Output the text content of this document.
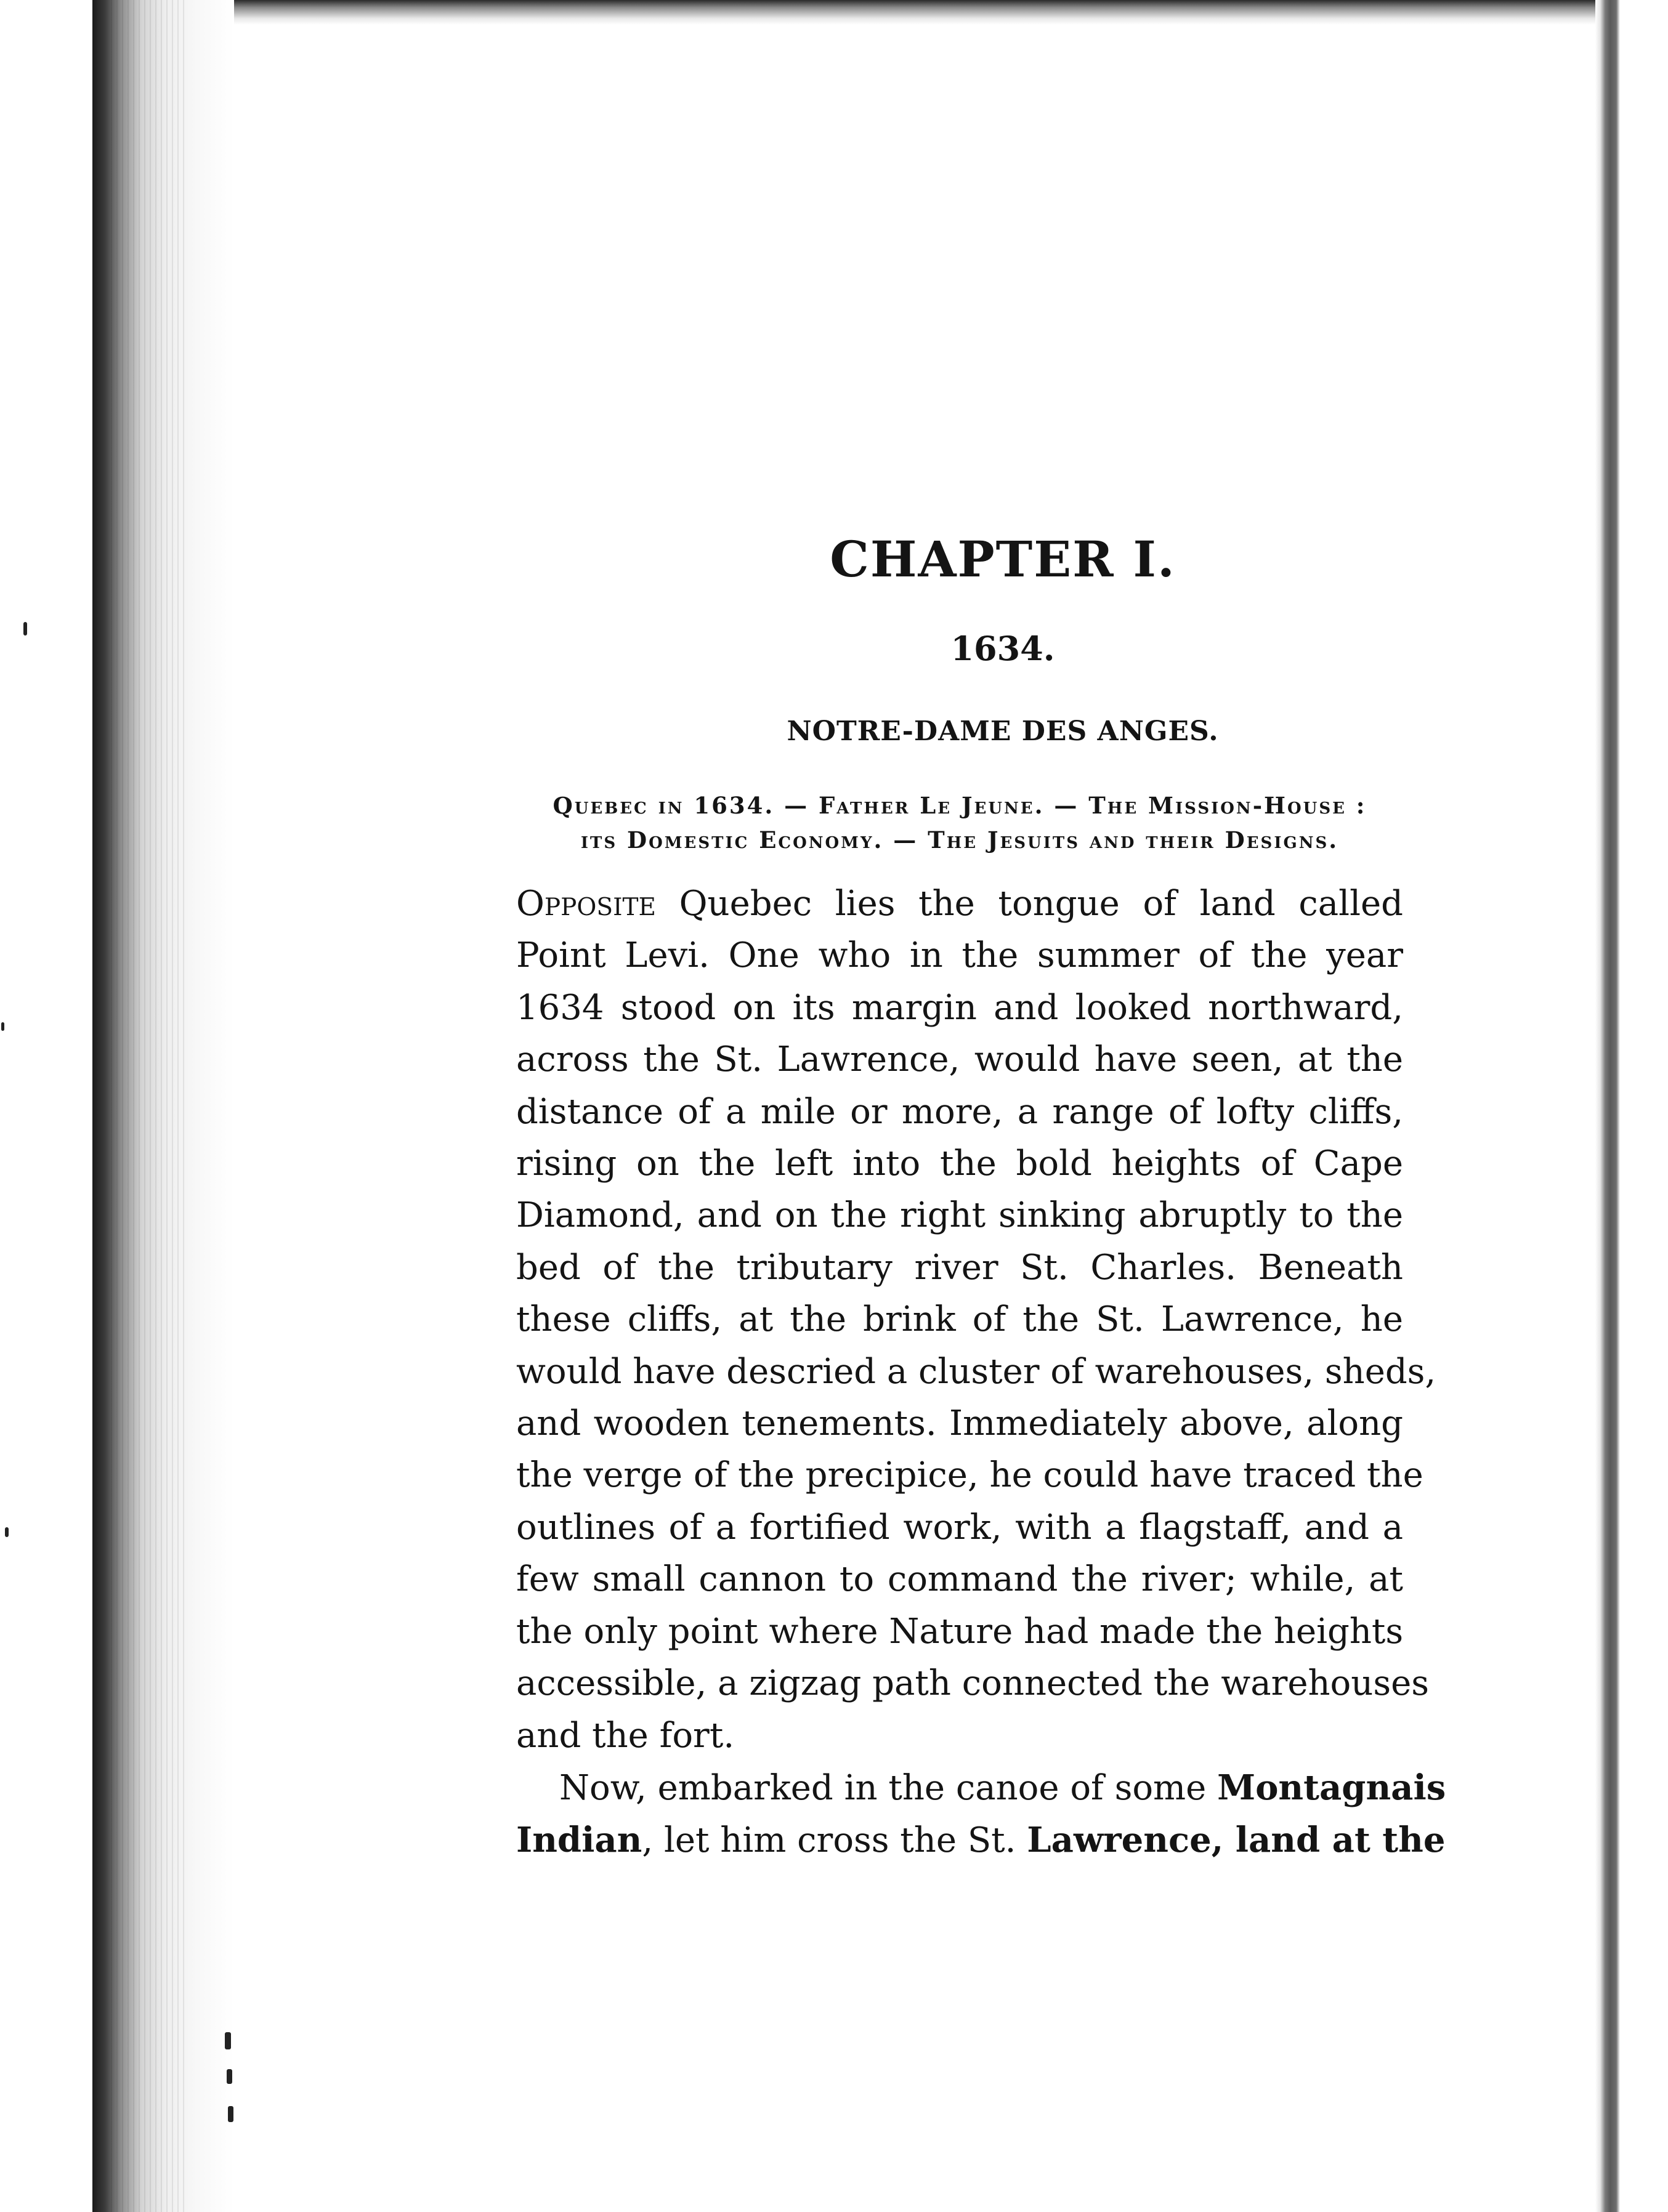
CHAPTER I.
1634.
NOTRE-DAME DES ANGES.
Quebec in 1634. — Father Le Jeune. — The Mission-House :
its Domestic Economy. — The Jesuits and their Designs.
Opposite Quebec lies the tongue of land called
Point Levi. One who in the summer of the year
1634 stood on its margin and looked northward,
across the St. Lawrence, would have seen, at the
distance of a mile or more, a range of lofty cliffs,
rising on the left into the bold heights of Cape
Diamond, and on the right sinking abruptly to the
bed of the tributary river St. Charles. Beneath
these cliffs, at the brink of the St. Lawrence, he
would have descried a cluster of warehouses, sheds,
and wooden tenements. Immediately above, along
the verge of the precipice, he could have traced the
outlines of a fortified work, with a flagstaff, and a
few small cannon to command the river; while, at
the only point where Nature had made the heights
accessible, a zigzag path connected the warehouses
and the fort.
Now, embarked in the canoe of some Montagnais
Indian, let him cross the St. Lawrence, land at the
